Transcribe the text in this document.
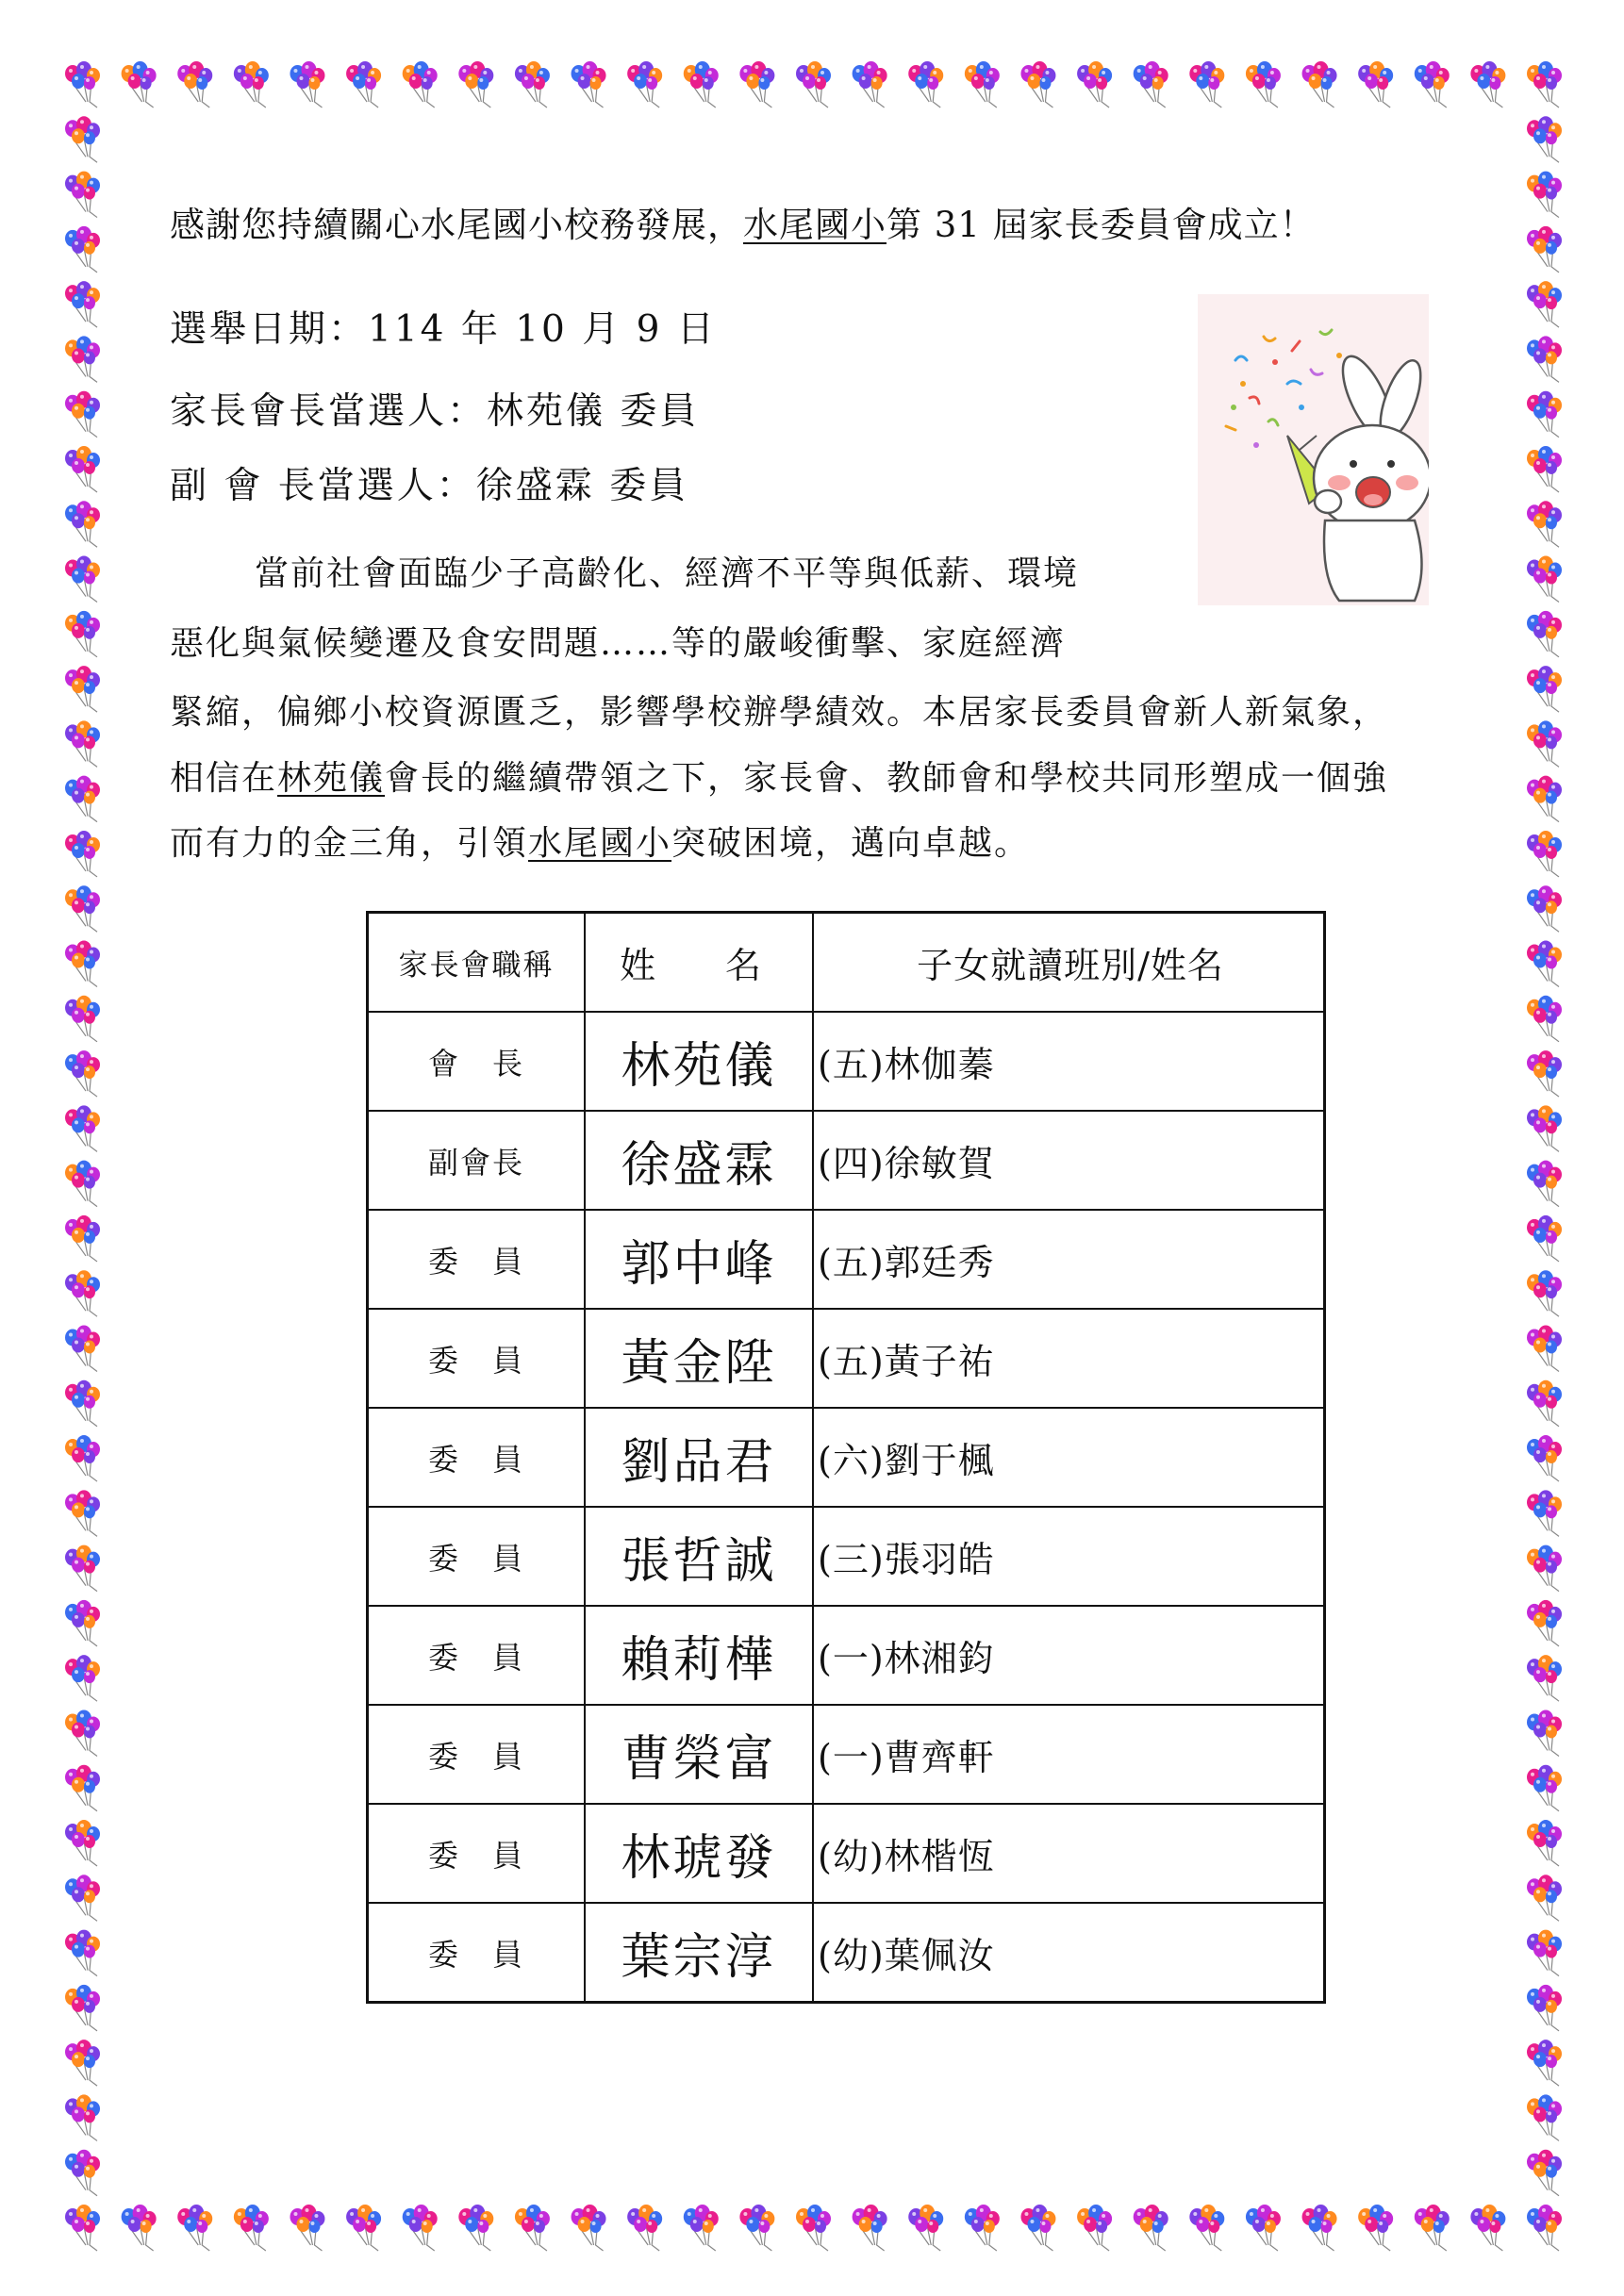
感謝您持續關心水尾國小校務發展，水尾國小第 31 屆家長委員會成立！
選舉日期：114 年 10 月 9 日
家長會長當選人：林苑儀 委員
副 會 長當選人：徐盛霖 委員
當前社會面臨少子高齡化、經濟不平等與低薪、環境
惡化與氣候變遷及食安問題……等的嚴峻衝擊、家庭經濟
緊縮，偏鄉小校資源匱乏，影響學校辦學績效。本居家長委員會新人新氣象，
相信在林苑儀會長的繼續帶領之下，家長會、教師會和學校共同形塑成一個強
而有力的金三角，引領水尾國小突破困境，邁向卓越。
家長會職稱	姓　名	子女就讀班別/姓名
會　長	林苑儀	(五)林伽蓁
副會長	徐盛霖	(四)徐敏賀
委　員	郭中峰	(五)郭廷秀
委　員	黃金陞	(五)黃子祐
委　員	劉品君	(六)劉于楓
委　員	張哲誠	(三)張羽皓
委　員	賴莉樺	(一)林湘鈞
委　員	曹榮富	(一)曹齊軒
委　員	林琥發	(幼)林楷恆
委　員	葉宗淳	(幼)葉佩汝
